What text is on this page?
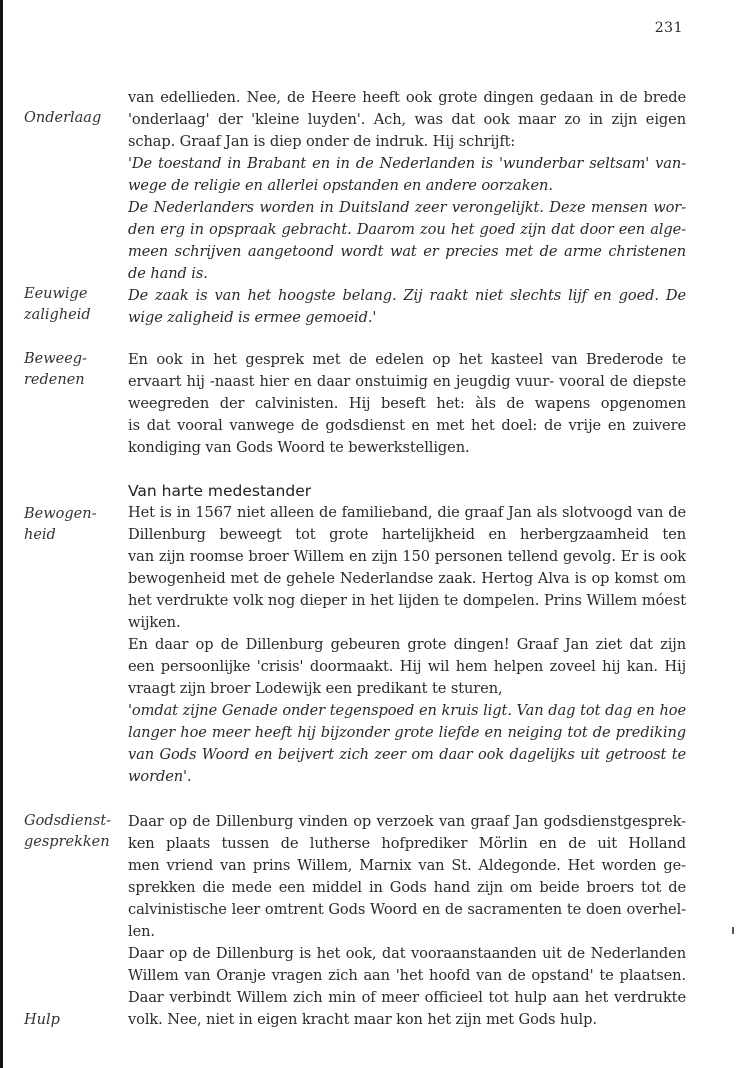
231
Onderlaag
Eeuwige
zaligheid
Beweeg-
redenen
Bewogen-
heid
Godsdienst-
gesprekken
Hulp
Van harte medestander
van edellieden. Nee, de Heere heeft ook grote dingen gedaan in de brede
'onderlaag' der 'kleine luyden'. Ach, was dat ook maar zo in zijn eigen
schap. Graaf Jan is diep onder de indruk. Hij schrijft:
'De toestand in Brabant en in de Nederlanden is 'wunderbar seltsam' van-
wege de religie en allerlei opstanden en andere oorzaken.
De Nederlanders worden in Duitsland zeer verongelijkt. Deze mensen wor-
den erg in opspraak gebracht. Daarom zou het goed zijn dat door een alge-
meen schrijven aangetoond wordt wat er precies met de arme christenen
de hand is.
De zaak is van het hoogste belang. Zij raakt niet slechts lijf en goed. De
wige zaligheid is ermee gemoeid.'
En ook in het gesprek met de edelen op het kasteel van Brederode te
ervaart hij -naast hier en daar onstuimig en jeugdig vuur- vooral de diepste
weegreden der calvinisten. Hij beseft het: àls de wapens opgenomen
is dat vooral vanwege de godsdienst en met het doel: de vrije en zuivere
kondiging van Gods Woord te bewerkstelligen.
Het is in 1567 niet alleen de familieband, die graaf Jan als slotvoogd van de
Dillenburg beweegt tot grote hartelijkheid en herbergzaamheid ten
van zijn roomse broer Willem en zijn 150 personen tellend gevolg. Er is ook
bewogenheid met de gehele Nederlandse zaak. Hertog Alva is op komst om
het verdrukte volk nog dieper in het lijden te dompelen. Prins Willem móest
wijken.
En daar op de Dillenburg gebeuren grote dingen! Graaf Jan ziet dat zijn
een persoonlijke 'crisis' doormaakt. Hij wil hem helpen zoveel hij kan. Hij
vraagt zijn broer Lodewijk een predikant te sturen,
'omdat zijne Genade onder tegenspoed en kruis ligt. Van dag tot dag en hoe
langer hoe meer heeft hij bijzonder grote liefde en neiging tot de prediking
van Gods Woord en beijvert zich zeer om daar ook dagelijks uit getroost te
worden'.
Daar op de Dillenburg vinden op verzoek van graaf Jan godsdienstgesprek-
ken plaats tussen de lutherse hofprediker Mörlin en de uit Holland
men vriend van prins Willem, Marnix van St. Aldegonde. Het worden ge-
sprekken die mede een middel in Gods hand zijn om beide broers tot de
calvinistische leer omtrent Gods Woord en de sacramenten te doen overhel-
len.
Daar op de Dillenburg is het ook, dat vooraanstaanden uit de Nederlanden
Willem van Oranje vragen zich aan 'het hoofd van de opstand' te plaatsen.
Daar verbindt Willem zich min of meer officieel tot hulp aan het verdrukte
volk. Nee, niet in eigen kracht maar kon het zijn met Gods hulp.
